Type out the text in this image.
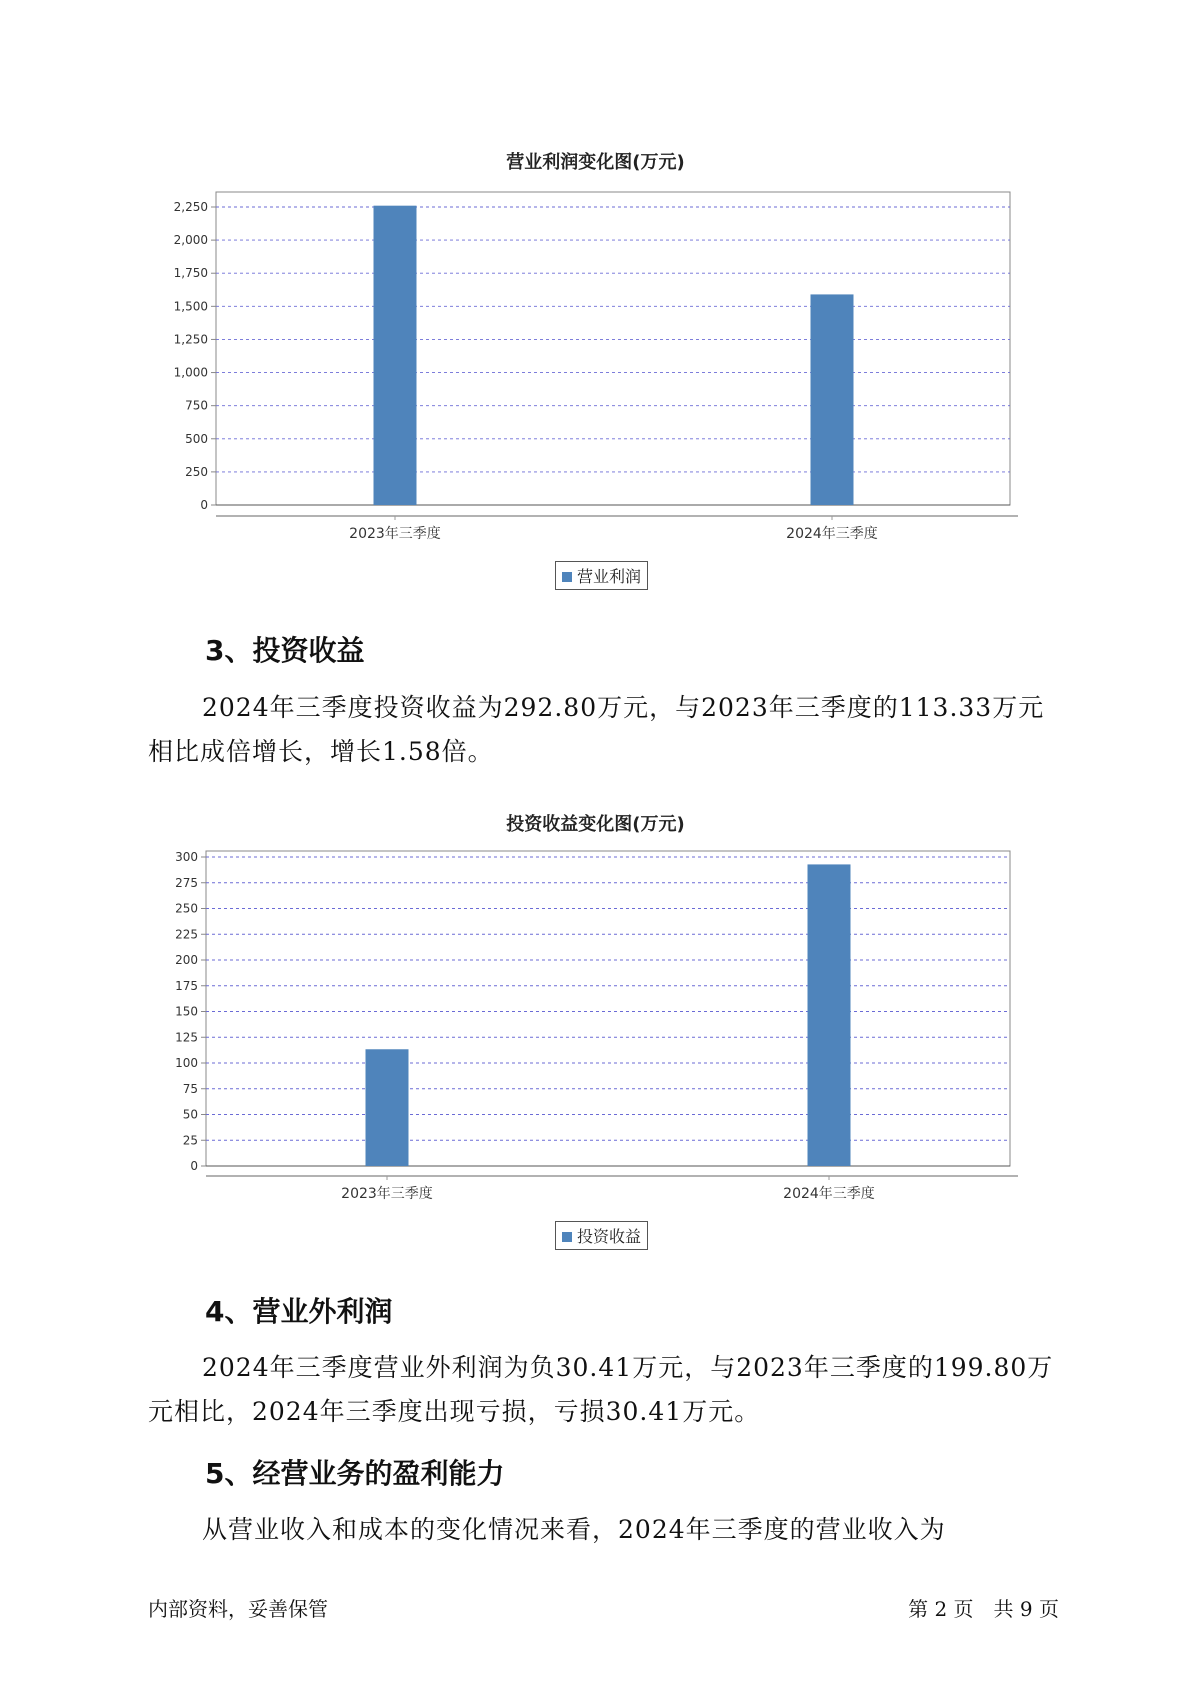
营业利润变化图(万元)
0
250
500
750
1,000
1,250
1,500
1,750
2,000
2,250
2023年三季度	2024年三季度
营业利润
3、投资收益

2024年三季度投资收益为292.80万元，与2023年三季度的113.33万元相比成倍增长，增长1.58倍。

投资收益变化图(万元)
0
25
50
75
100
125
150
175
200
225
250
275
300
2023年三季度	2024年三季度
投资收益
4、营业外利润

2024年三季度营业外利润为负30.41万元，与2023年三季度的199.80万元相比，2024年三季度出现亏损，亏损30.41万元。

5、经营业务的盈利能力

从营业收入和成本的变化情况来看，2024年三季度的营业收入为

内部资料，妥善保管	第 2 页　共 9 页
